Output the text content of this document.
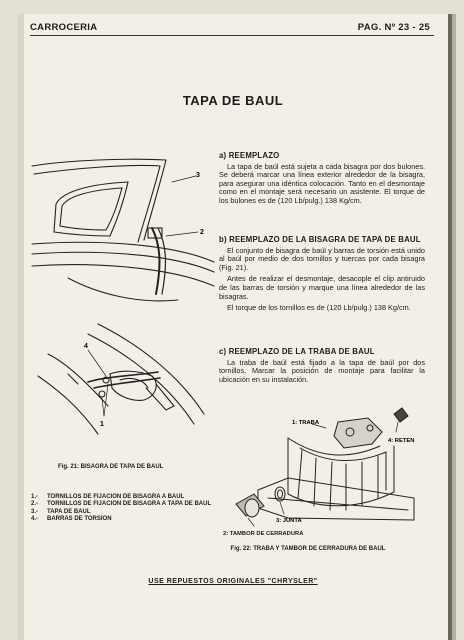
CARROCERIA	PAG. Nº 23 - 25
TAPA DE BAUL
3
2
4
1
Fig. 21: BISAGRA DE TAPA DE BAUL
1.-	TORNILLOS DE FIJACION DE BISAGRA A BAUL
2.-	TORNILLOS DE FIJACION DE BISAGRA A TAPA DE BAUL
3.-	TAPA DE BAUL
4.-	BARRAS DE TORSION
a) REEMPLAZO

La tapa de baúl está sujeta a cada bisagra por dos bulones. Se deberá marcar una línea exterior alrededor de la bisagra, para asegurar una idéntica colocación. Tanto en el desmontaje como en el montaje será necesario un asistente. El torque de los bulones es de (120 Lb/pulg.) 138 Kg/cm.

b) REEMPLAZO DE LA BISAGRA DE TAPA DE BAUL

El conjunto de bisagra de baúl y barras de torsión está unido al baúl por medio de dos tornillos y tuercas por cada bisagra (Fig. 21).

Antes de realizar el desmontaje, desacople el clip antiruido de las barras de torsión y marque una línea alrededor de las bisagras.

El torque de los tornillos es de (120 Lb/pulg.) 138 Kg/cm.

c) REEMPLAZO DE LA TRABA DE BAUL

La traba de baúl está fijado a la tapa de baúl por dos tornillos. Marcar la posición de montaje para facilitar la ubicación en su instalación.

1: TRABA
4: RETEN
3: JUNTA
2: TAMBOR DE CERRADURA
Fig. 22: TRABA Y TAMBOR DE CERRADURA DE BAUL
USE REPUESTOS ORIGINALES "CHRYSLER"
